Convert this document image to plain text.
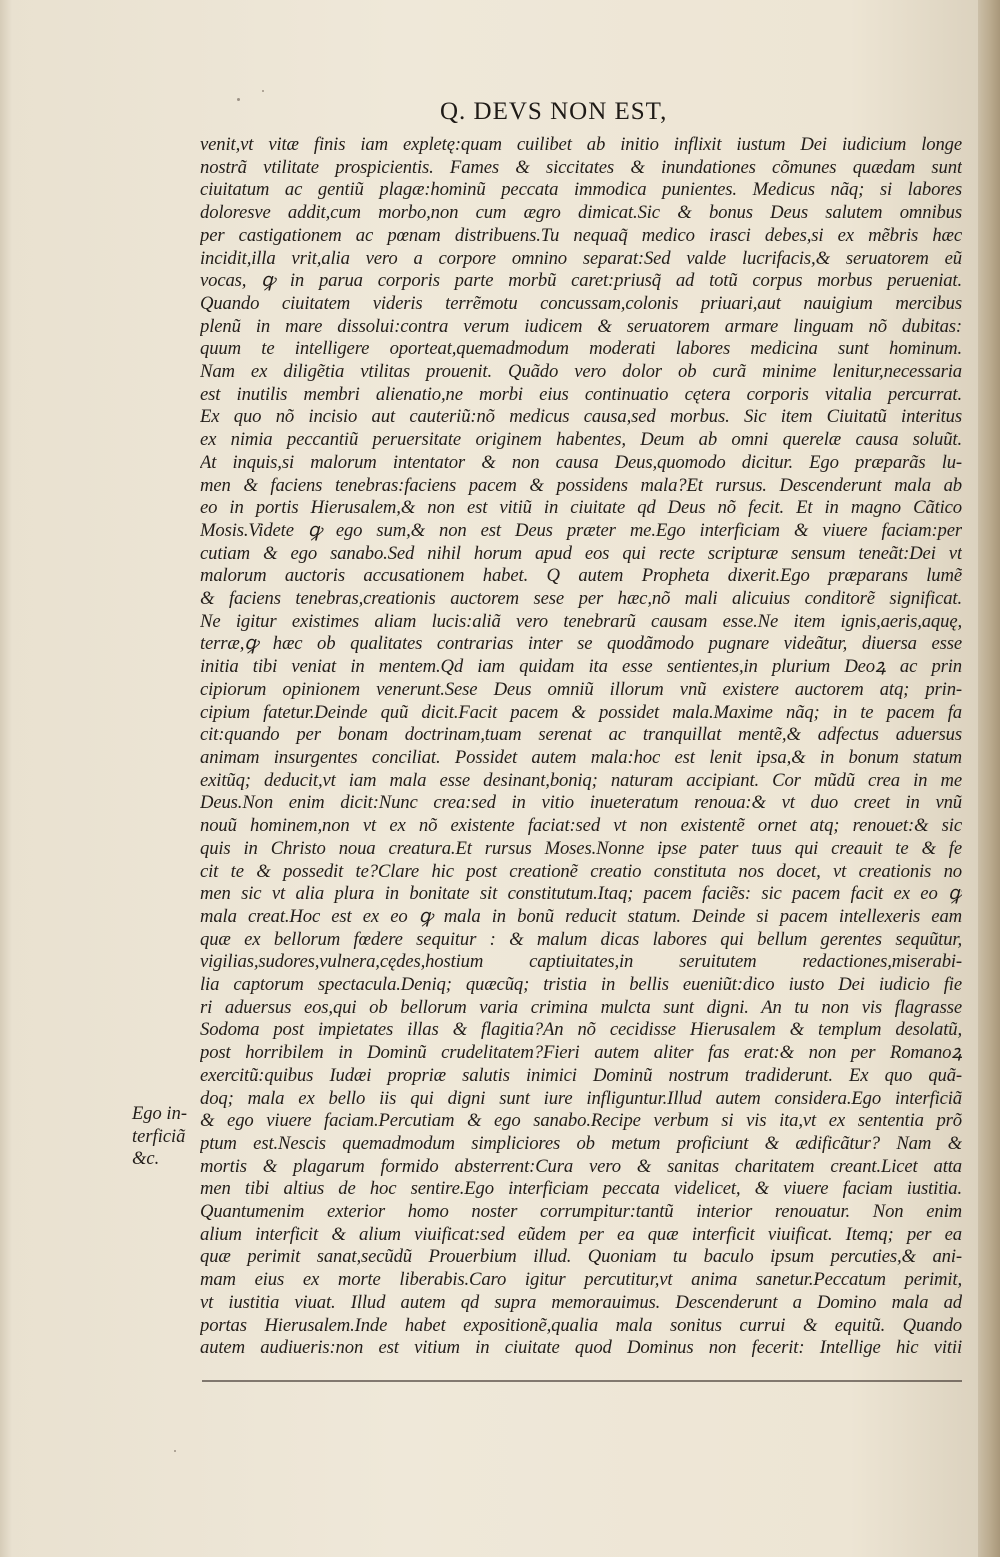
Q. DEVS NON EST,
venit,vt vitæ finis iam expletę:quam cuilibet ab initio inflixit iustum Dei iudicium longe
nostrã vtilitate prospicientis. Fames & siccitates & inundationes cõmunes quædam sunt
ciuitatum ac gentiũ plagæ:hominũ peccata immodica punientes. Medicus nãq; si labores
doloresve addit,cum morbo,non cum ægro dimicat.Sic & bonus Deus salutem omnibus
per castigationem ac pœnam distribuens.Tu nequaq̃ medico irasci debes,si ex mẽbris hæc
incidit,illa vrit,alia vero a corpore omnino separat:Sed valde lucrifacis,& seruatorem eũ
vocas, ꝙ in parua corporis parte morbũ caret:priusq̃ ad totũ corpus morbus perueniat.
Quando ciuitatem videris terrẽmotu concussam,colonis priuari,aut nauigium mercibus
plenũ in mare dissolui:contra verum iudicem & seruatorem armare linguam nõ dubitas:
quum te intelligere oporteat,quemadmodum moderati labores medicina sunt hominum.
Nam ex diligẽtia vtilitas prouenit. Quãdo vero dolor ob curã minime lenitur,necessaria
est inutilis membri alienatio,ne morbi eius continuatio cętera corporis vitalia percurrat.
Ex quo nõ incisio aut cauteriũ:nõ medicus causa,sed morbus. Sic item Ciuitatũ interitus
ex nimia peccantiũ peruersitate originem habentes, Deum ab omni querelæ causa soluũt.
At inquis,si malorum intentator & non causa Deus,quomodo dicitur. Ego præparãs lu-
men & faciens tenebras:faciens pacem & possidens mala?Et rursus. Descenderunt mala ab
eo in portis Hierusalem,& non est vitiũ in ciuitate qd Deus nõ fecit. Et in magno Cãtico
Mosis.Videte ꝙ ego sum,& non est Deus præter me.Ego interficiam & viuere faciam:per
cutiam & ego sanabo.Sed nihil horum apud eos qui recte scripturæ sensum teneãt:Dei vt
malorum auctoris accusationem habet. Q autem Propheta dixerit.Ego præparans lumẽ
& faciens tenebras,creationis auctorem sese per hæc,nõ mali alicuius conditorẽ significat.
Ne igitur existimes aliam lucis:aliã vero tenebrarũ causam esse.Ne item ignis,aeris,aquę,
terræ,ꝙ hæc ob qualitates contrarias inter se quodãmodo pugnare videãtur, diuersa esse
initia tibi veniat in mentem.Qd iam quidam ita esse sentientes,in plurium Deoꝝ ac prin
cipiorum opinionem venerunt.Sese Deus omniũ illorum vnũ existere auctorem atq; prin-
cipium fatetur.Deinde quũ dicit.Facit pacem & possidet mala.Maxime nãq; in te pacem fa
cit:quando per bonam doctrinam,tuam serenat ac tranquillat mentẽ,& adfectus aduersus
animam insurgentes conciliat. Possidet autem mala:hoc est lenit ipsa,& in bonum statum
exitũq; deducit,vt iam mala esse desinant,boniq; naturam accipiant. Cor mũdũ crea in me
Deus.Non enim dicit:Nunc crea:sed in vitio inueteratum renoua:& vt duo creet in vnũ
nouũ hominem,non vt ex nõ existente faciat:sed vt non existentẽ ornet atq; renouet:& sic
quis in Christo noua creatura.Et rursus Moses.Nonne ipse pater tuus qui creauit te & fe
cit te & possedit te?Clare hic post creationẽ creatio constituta nos docet, vt creationis no
men sic vt alia plura in bonitate sit constitutum.Itaq; pacem faciẽs: sic pacem facit ex eo ꝙ
mala creat.Hoc est ex eo ꝙ mala in bonũ reducit statum. Deinde si pacem intellexeris eam
quæ ex bellorum fœdere sequitur : & malum dicas labores qui bellum gerentes sequũtur,
vigilias,sudores,vulnera,cędes,hostium captiuitates,in seruitutem redactiones,miserabi-
lia captorum spectacula.Deniq; quæcũq; tristia in bellis eueniũt:dico iusto Dei iudicio fie
ri aduersus eos,qui ob bellorum varia crimina mulcta sunt digni. An tu non vis flagrasse
Sodoma post impietates illas & flagitia?An nõ cecidisse Hierusalem & templum desolatũ,
post horribilem in Dominũ crudelitatem?Fieri autem aliter fas erat:& non per Romanoꝝ
exercitũ:quibus Iudæi propriæ salutis inimici Dominũ nostrum tradiderunt. Ex quo quã-
doq; mala ex bello iis qui digni sunt iure infliguntur.Illud autem considera.Ego interficiã
& ego viuere faciam.Percutiam & ego sanabo.Recipe verbum si vis ita,vt ex sententia prõ
ptum est.Nescis quemadmodum simpliciores ob metum proficiunt & ædificãtur? Nam &
mortis & plagarum formido absterrent:Cura vero & sanitas charitatem creant.Licet atta
men tibi altius de hoc sentire.Ego interficiam peccata videlicet, & viuere faciam iustitia.
Quantumenim exterior homo noster corrumpitur:tantũ interior renouatur. Non enim
alium interficit & alium viuificat:sed eũdem per ea quæ interficit viuificat. Itemq; per ea
quæ perimit sanat,secũdũ Prouerbium illud. Quoniam tu baculo ipsum percuties,& ani-
mam eius ex morte liberabis.Caro igitur percutitur,vt anima sanetur.Peccatum perimit,
vt iustitia viuat. Illud autem qd supra memorauimus. Descenderunt a Domino mala ad
portas Hierusalem.Inde habet expositionẽ,qualia mala sonitus currui & equitũ. Quando
autem audiueris:non est vitium in ciuitate quod Dominus non fecerit: Intellige hic vitii
Ego in-
terficiã
&c.
